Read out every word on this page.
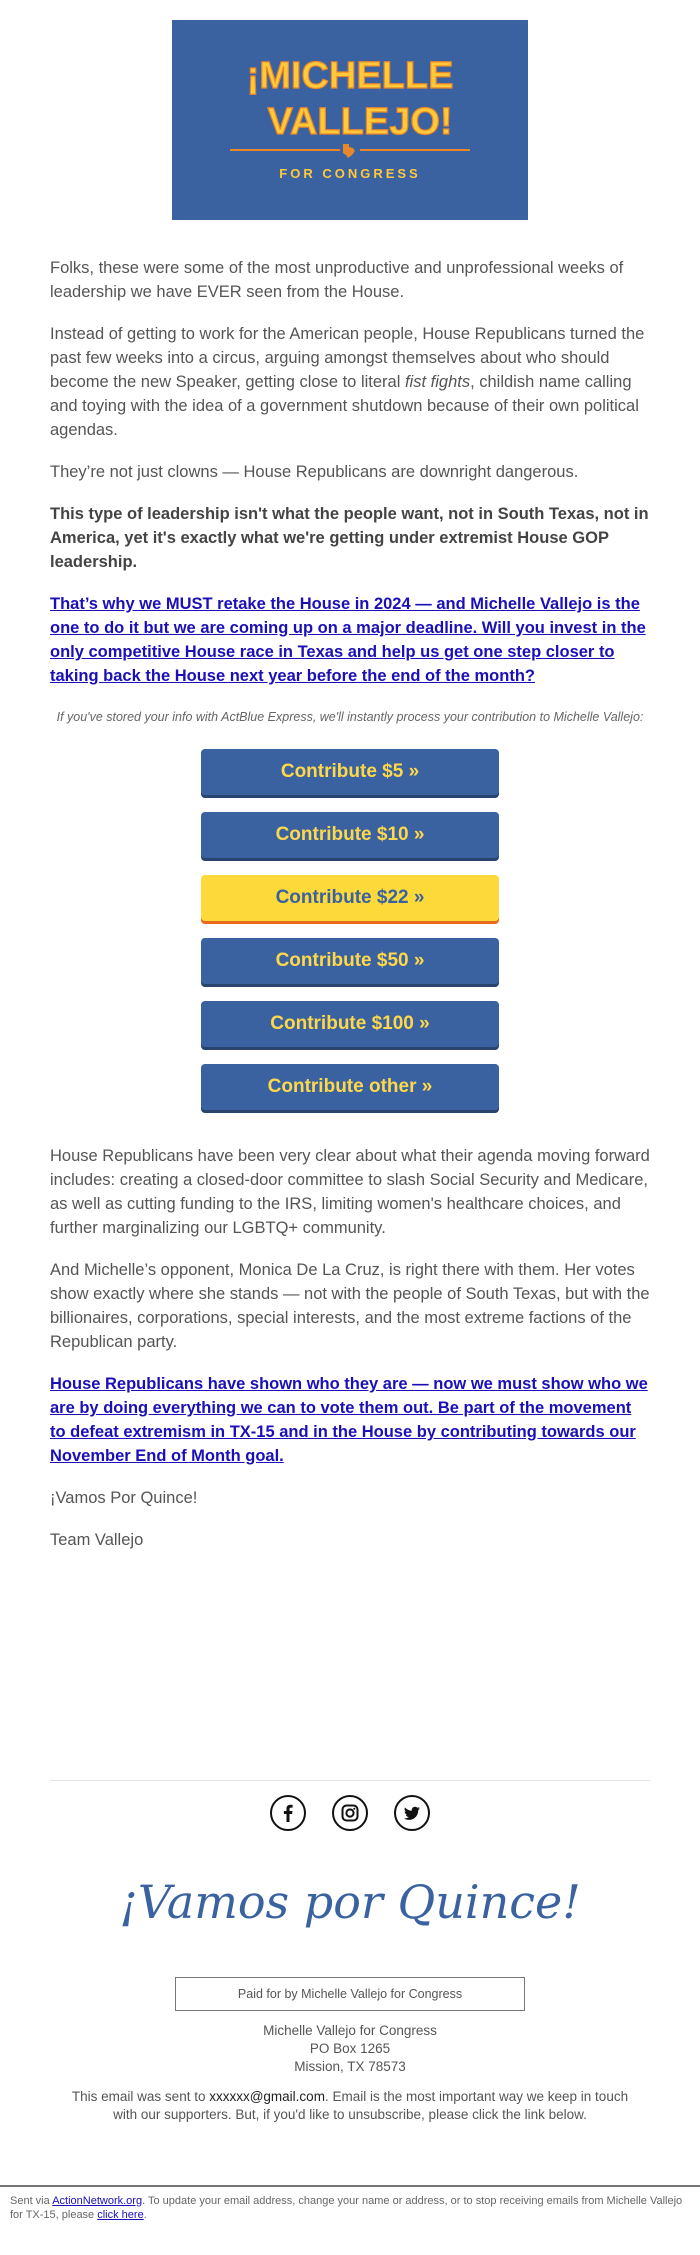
¡MICHELLE
VALLEJO!
FOR CONGRESS

Folks, these were some of the most unproductive and unprofessional weeks of leadership we have EVER seen from the House.

Instead of getting to work for the American people, House Republicans turned the past few weeks into a circus, arguing amongst themselves about who should become the new Speaker, getting close to literal fist fights, childish name calling and toying with the idea of a government shutdown because of their own political agendas.

They’re not just clowns — House Republicans are downright dangerous.

This type of leadership isn't what the people want, not in South Texas, not in America, yet it's exactly what we're getting under extremist House GOP leadership.

That’s why we MUST retake the House in 2024 — and Michelle Vallejo is the one to do it but we are coming up on a major deadline. Will you invest in the only competitive House race in Texas and help us get one step closer to taking back the House next year before the end of the month?

If you've stored your info with ActBlue Express, we'll instantly process your contribution to Michelle Vallejo:
Contribute $5 »
Contribute $10 »
Contribute $22 »
Contribute $50 »
Contribute $100 »
Contribute other »

House Republicans have been very clear about what their agenda moving forward includes: creating a closed-door committee to slash Social Security and Medicare, as well as cutting funding to the IRS, limiting women's healthcare choices, and further marginalizing our LGBTQ+ community.

And Michelle’s opponent, Monica De La Cruz, is right there with them. Her votes show exactly where she stands — not with the people of South Texas, but with the billionaires, corporations, special interests, and the most extreme factions of the Republican party.

House Republicans have shown who they are — now we must show who we are by doing everything we can to vote them out. Be part of the movement to defeat extremism in TX-15 and in the House by contributing towards our November End of Month goal.

¡Vamos Por Quince!

Team Vallejo

¡Vamos por Quince!
Paid for by Michelle Vallejo for Congress
Michelle Vallejo for Congress
PO Box 1265
Mission, TX 78573
This email was sent to xxxxxx@gmail.com. Email is the most important way we keep in touch with our supporters. But, if you'd like to unsubscribe, please click the link below.
Sent via ActionNetwork.org. To update your email address, change your name or address, or to stop receiving emails from Michelle Vallejo for TX-15, please click here.
